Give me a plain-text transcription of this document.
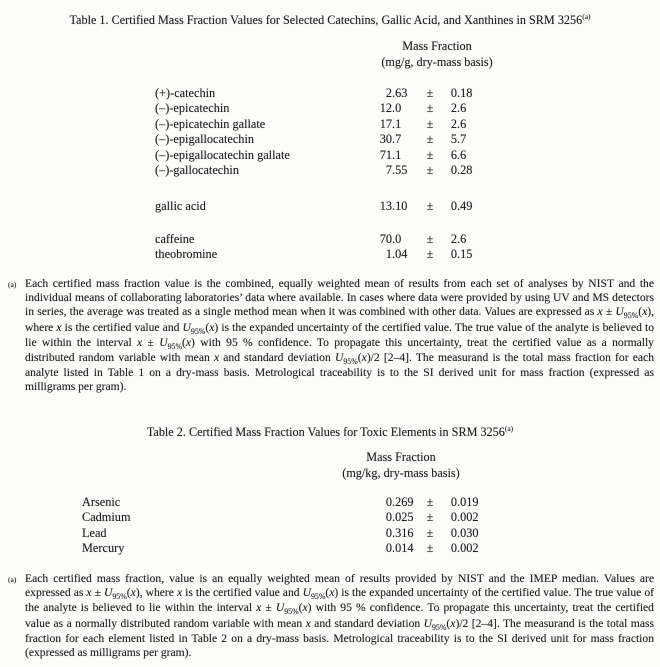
Table 1. Certified Mass Fraction Values for Selected Catechins, Gallic Acid, and Xanthines in SRM 3256$^{(a)}$
Mass Fraction
(mg/g, dry-mass basis)
(+)-catechin	2 .63	±	0 .18
(–)-epicatechin	12 .0	±	2 .6
(–)-epicatechin gallate	17 .1	±	2 .6
(–)-epigallocatechin	30 .7	±	5 .7
(–)-epigallocatechin gallate	71 .1	±	6 .6
(–)-gallocatechin	7 .55	±	0 .28
gallic acid	13 .10	±	0 .49
caffeine	70 .0	±	2 .6
theobromine	1 .04	±	0 .15
(a) Each certified mass fraction value is the combined, equally weighted mean of results from each set of analyses by NIST and the individual means of collaborating laboratories’ data where available. In cases where data were provided by using UV and MS detectors in series, the average was treated as a single method mean when it was combined with other data. Values are expressed as $x \pm U_{95\%}(x)$, where x is the certified value and $U_{95\%}(x)$ is the expanded uncertainty of the certified value. The true value of the analyte is believed to lie within the interval $x \pm U_{95\%}(x)$ with 95 % confidence. To propagate this uncertainty, treat the certified value as a normally distributed random variable with mean x and standard deviation $U_{95\%}(x)/2$ [2–4]. The measurand is the total mass fraction for each analyte listed in Table 1 on a dry-mass basis. Metrological traceability is to the SI derived unit for mass fraction (expressed as milligrams per gram).
Table 2. Certified Mass Fraction Values for Toxic Elements in SRM 3256$^{(a)}$
Mass Fraction
(mg/kg, dry-mass basis)
Arsenic	0 .269	±	0 .019
Cadmium	0 .025	±	0 .002
Lead	0 .316	±	0 .030
Mercury	0 .014	±	0 .002
(a) Each certified mass fraction, value is an equally weighted mean of results provided by NIST and the IMEP median. Values are expressed as $x \pm U_{95\%}(x)$, where x is the certified value and $U_{95\%}(x)$ is the expanded uncertainty of the certified value. The true value of the analyte is believed to lie within the interval $x \pm U_{95\%}(x)$ with 95 % confidence. To propagate this uncertainty, treat the certified value as a normally distributed random variable with mean x and standard deviation $U_{95\%}(x)/2$ [2–4]. The measurand is the total mass fraction for each element listed in Table 2 on a dry-mass basis. Metrological traceability is to the SI derived unit for mass fraction (expressed as milligrams per gram).
